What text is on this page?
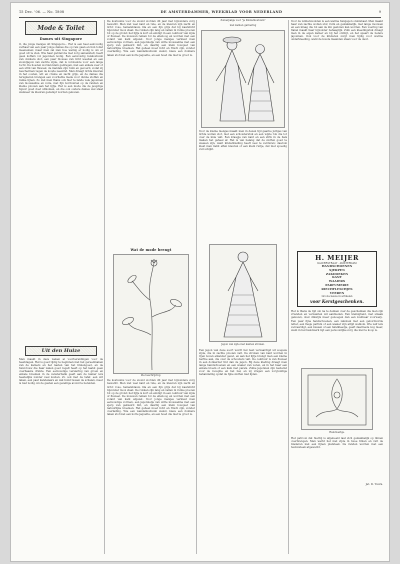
15 Dec. '06. — No. 1808	DE AMSTERDAMMER, WEEKBLAD VOOR NEDERLAND	9
Mode & Toilet
Dames uit Singapore
O, die jonge meisjes uit Singapore... Het is een heel eenvoudig verhaal van een paar jonge dames die op reis gaan en hun toilet meenemen; maar men zal zien hoe weinig er nodig is om er goed uit te zien. Wie haar garderobe met zorg samenstelt, heeft geen koffers vol japonnen nodig. Een eenvoudig reiskostuum van donkere stof, een paar blouses van licht weefsel en een avondjapon van zachte zijde, dat is voldoende voor een lange tocht. De hoeden worden klein gedragen, met een enkele veer of een strik van fluweel; de mantels zijn ruim en gevoerd, zodat zij beschermen tegen de koude zeewind. Men draagt lichte kleuren in het oosten, wit en crème en zacht grijs, en de dames die terugkeren brengen een voorliefde mede voor dunne stoffen en ranke lijnen. Zo ziet men thans ook hier te lande vele japonnen van mousseline en voile, met fijn borduursel op de randen en kleine plooien aan het lijfje. Het is een mode die de jeugdige figuur goed doet uitkomen, en die ook oudere dames wel staat wanneer de kleuren gedempt worden gekozen.
Uit den Huize
Men maakt in deze weken al voorbereidingen voor de feestdagen. Het is goed tijdig te beginnen met het gereedmaken van de kamers en het nazien van het linnengoed, en de huisvrouw die haar zaken goed regelt heeft op het laatst geen overhaaste drukte. Een eenvoudige versiering van groen en enkele bloemen in de vensterbank geeft aan de kamer iets feestelijks zonder veel kosten. Zo ook met de tafel: een wit laken, een paar kandelaars en wat hulst tussen de schalen, meer is niet nodig om de gasten een gezellige avond te bereiden.
De kostuums voor de avond worden dit jaar met bijzondere zorg bewerkt. Men ziet veel kant en tule, en de kleuren zijn zacht en licht: rose, hemelsblauw, lila en een fijn grijs dat bij kaarslicht bijzonder mooi staat. De rokken zijn lang en vallen in ruime plooien tot op de grond; het lijfje is kort en eindigt in een ceintuur van zijde of fluweel. De mouwen reiken tot de elleboog en worden met een volant van kant afgezet. Voor jonge meisjes verkiest men eenvoudige vormen, een japonnetje van witte mousseline met een sjerp van gekleurd lint, en daarbij een klein bouquet van natuurlijke bloemen. Het geheel moet licht en frisch zijn, zonder overlading. Wie een wandelkostuum wenst, kieze een donkere laken stof met een korte jaquette, en een hoed die niet te groot is.
Wat de mode brengt
Zie beschrijving.
De kostuums voor de avond worden dit jaar met bijzondere zorg bewerkt. Men ziet veel kant en tule, en de kleuren zijn zacht en licht: rose, hemelsblauw, lila en een fijn grijs dat bij kaarslicht bijzonder mooi staat. De rokken zijn lang en vallen in ruime plooien tot op de grond; het lijfje is kort en eindigt in een ceintuur van zijde of fluweel. De mouwen reiken tot de elleboog en worden met een volant van kant afgezet. Voor jonge meisjes verkiest men eenvoudige vormen, een japonnetje van witte mousseline met een sjerp van gekleurd lint, en daarbij een klein bouquet van natuurlijke bloemen. Het geheel moet licht en frisch zijn, zonder overlading. Wie een wandelkostuum wenst, kieze een donkere laken stof met een korte jaquette, en een hoed die niet te groot is.
Zomerpakje voor "je Kinderkostuum"
met kanten garnering
Voor de kleine meisjes maakt men in dezen tijd gaarne jurkjes van lichte wollen stof, met een schouderstuk en een wijde rok die tot over de knie valt. Een kraagje van kant en een strik in de hals maken het geheel af. Het is van belang dat de stoffen goed te wassen zijn, want kinderkleding heeft veel te verduren; daarom kiest men liefst effen kleuren of een klein ruitje, dat niet spoedig vuil schijnt.
Japon van zijde met kanten stroken.
Een japon van deze soort wordt het best vervaardigd uit soepele zijde, die in zachte plooien valt. De stroken van kant worden in rijen boven elkander gezet, en aan het lijfje brengt men een kleine berthe aan, die over de schouders valt. De ceintuur is van fluweel in een donkerder tint dan de japon. Bij deze kleding draagt men lange handschoenen en een waaier van veren, en in het haar een enkele bloem of een kam met parels. Zulke japonnen zijn bestemd voor de receptie en het bal, en zij vragen een zorgvuldige behandeling opdat de fijne stoffen niet lijden.
Voor de winteravonden is een warme huisjapon onmisbaar. Men maakt haar van zachte wollen stof, ruim en gemakkelijk, met lange mouwen en een kraag die tot aan de kin gesloten kan worden. Een voering van flanel maakt haar bijzonder behaaglijk. Zulk een kleedingstuk draagt men in de eigen kamer en bij het ontbijt, en het spaart de betere japonnen. Ook voor de kinderen zorgt men tijdig voor warme onderkleeding, want de koude maanden staan voor de deur.
H. MEIJER
KALVERSTRAAT · AMSTERDAM
HANDSCHOENEN
SJERPEN
ZAKDOEKEN
KANT
WAAIERS
PARFUMERIE
RIECHFLESCHJES
VEEREN
Groote keuze in artikelen
voor Kerstgeschenken.
Het is thans de tijd om na te denken over de geschenken die men zijn vrienden en verwanten wil aanbieden. Een kleinigheid, met smaak gekozen, doet dikwijls meer genoegen dan een kostbaar voorwerp. Een paar fijne handschoenen, een zakdoek met een geborduurde letter, een flesje parfum of een waaier zijn altijd welkom. Wie zelf iets vervaardigt, een kussen of een tafelkleedje, geeft daarmede nog meer, want in het handwerk ligt een persoonlijke zorg die niet te koop is.
Handwerkje.
Het patroon dat hierbij is afgebeeld laat zich gemakkelijk op linnen overbrengen. Men werkt het met zijde in twee tinten en vult de bladeren met een fijnen platsteek. De randen worden met een festonsteek afgewerkt.
Jet. D. Tuurs.
